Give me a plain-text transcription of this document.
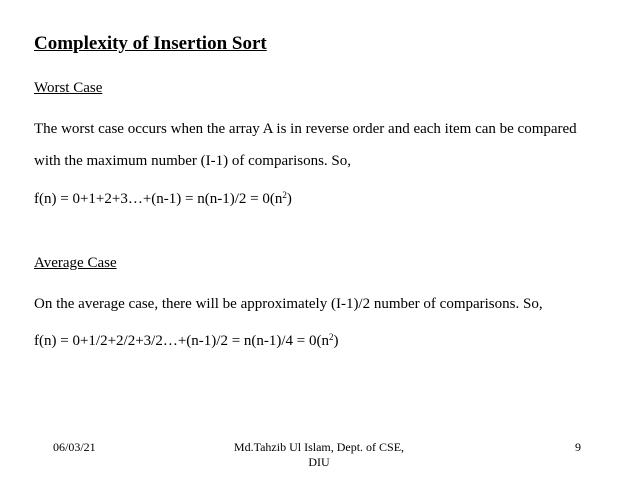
Complexity of Insertion Sort

Worst Case

The worst case occurs when the array A is in reverse order and each item can be compared

with the maximum number (I-1) of comparisons. So,

f(n) = 0+1+2+3…+(n-1) = $n(n-1)/2 = 0(n^2)$

Average Case

On the average case, there will be approximately (I-1)/2 number of comparisons. So,

f(n) = 0+1/2+2/2+3/2…+(n-1)/2 = $n(n-1)/4 = 0(n^2)$

06/03/21	Md.Tahzib Ul Islam, Dept. of CSE,
DIU
9
